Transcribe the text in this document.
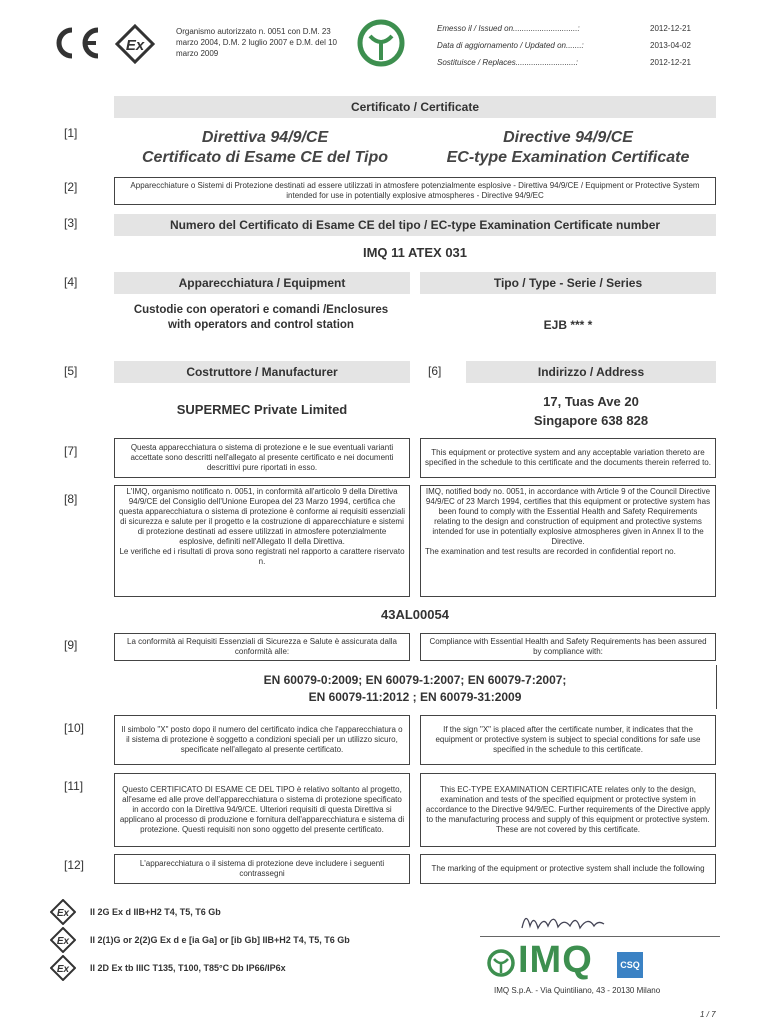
Ex
Organismo autorizzato n. 0051 con D.M. 23 marzo 2004, D.M. 2 luglio 2007 e D.M. del 10 marzo 2009
Emesso il / Issued on.............................:	2012-12-21
Data di aggiornamento / Updated on.......:	2013-04-02
Sostituisce / Replaces...........................:	2012-12-21
Certificato / Certificate
[1]	Direttiva 94/9/CE
Certificato di Esame CE del Tipo
Directive 94/9/CE
EC-type Examination Certificate
[2]	Apparecchiature o Sistemi di Protezione destinati ad essere utilizzati in atmosfere potenzialmente esplosive - Direttiva 94/9/CE / Equipment or Protective System intended for use in potentially explosive atmospheres - Directive 94/9/EC
[3]	Numero del Certificato di Esame CE del tipo / EC-type Examination Certificate number
IMQ 11 ATEX 031
[4]	Apparecchiatura / Equipment	Tipo / Type - Serie / Series
Custodie con operatori e comandi /Enclosures with operators and control station	EJB *** *
[5]	Costruttore / Manufacturer	[6]	Indirizzo / Address
SUPERMEC Private Limited
17, Tuas Ave 20
Singapore 638 828
[7]	Questa apparecchiatura o sistema di protezione e le sue eventuali varianti accettate sono descritti nell'allegato al presente certificato e nei documenti descrittivi pure riportati in esso.
This equipment or protective system and any acceptable variation thereto are specified in the schedule to this certificate and the documents therein referred to.
[8]
L'IMQ, organismo notificato n. 0051, in conformità all'articolo 9 della Direttiva 94/9/CE del Consiglio dell'Unione Europea del 23 Marzo 1994, certifica che questa apparecchiatura o sistema di protezione è conforme ai requisiti essenziali di sicurezza e salute per il progetto e la costruzione di apparecchiature e sistemi di protezione destinati ad essere utilizzati in atmosfere potenzialmente esplosive, definiti nell'Allegato II della Direttiva.
Le verifiche ed i risultati di prova sono registrati nel rapporto a carattere riservato n.
IMQ, notified body no. 0051, in accordance with Article 9 of the Council Directive 94/9/EC of 23 March 1994, certifies that this equipment or protective system has been found to comply with the Essential Health and Safety Requirements relating to the design and construction of equipment and protective systems intended for use in potentially explosive atmospheres given in Annex II to the Directive.
The examination and test results are recorded in confidential report no.
43AL00054
[9]	La conformità ai Requisiti Essenziali di Sicurezza e Salute è assicurata dalla conformità alle:
Compliance with Essential Health and Safety Requirements has been assured by compliance with:
EN 60079-0:2009; EN 60079-1:2007; EN 60079-7:2007;
EN 60079-11:2012 ; EN 60079-31:2009
[10]	Il simbolo "X" posto dopo il numero del certificato indica che l'apparecchiatura o il sistema di protezione è soggetto a condizioni speciali per un utilizzo sicuro, specificate nell'allegato al presente certificato.
If the sign "X" is placed after the certificate number, it indicates that the equipment or protective system is subject to special conditions for safe use specified in the schedule to this certificate.
[11]	Questo CERTIFICATO DI ESAME CE DEL TIPO è relativo soltanto al progetto, all'esame ed alle prove dell'apparecchiatura o sistema di protezione specificato in accordo con la Direttiva 94/9/CE. Ulteriori requisiti di questa Direttiva si applicano al processo di produzione e fornitura dell'apparecchiatura e sistema di protezione. Questi requisiti non sono oggetto del presente certificato.
This EC-TYPE EXAMINATION CERTIFICATE relates only to the design, examination and tests of the specified equipment or protective system in accordance to the Directive 94/9/EC. Further requirements of the Directive apply to the manufacturing process and supply of this equipment or protective system. These are not covered by this certificate.
[12]	L'apparecchiatura o il sistema di protezione deve includere i seguenti contrassegni
The marking of the equipment or protective system shall include the following
Ex II 2G Ex d IIB+H2 T4, T5, T6 Gb
Ex II 2(1)G or 2(2)G Ex d e [ia Ga] or [ib Gb] IIB+H2 T4, T5, T6 Gb
Ex II 2D Ex tb IIIC T135, T100, T85°C Db IP66/IP6x	IMQ	CSQ
IMQ S.p.A. - Via Quintiliano, 43 - 20130 Milano
1 / 7
